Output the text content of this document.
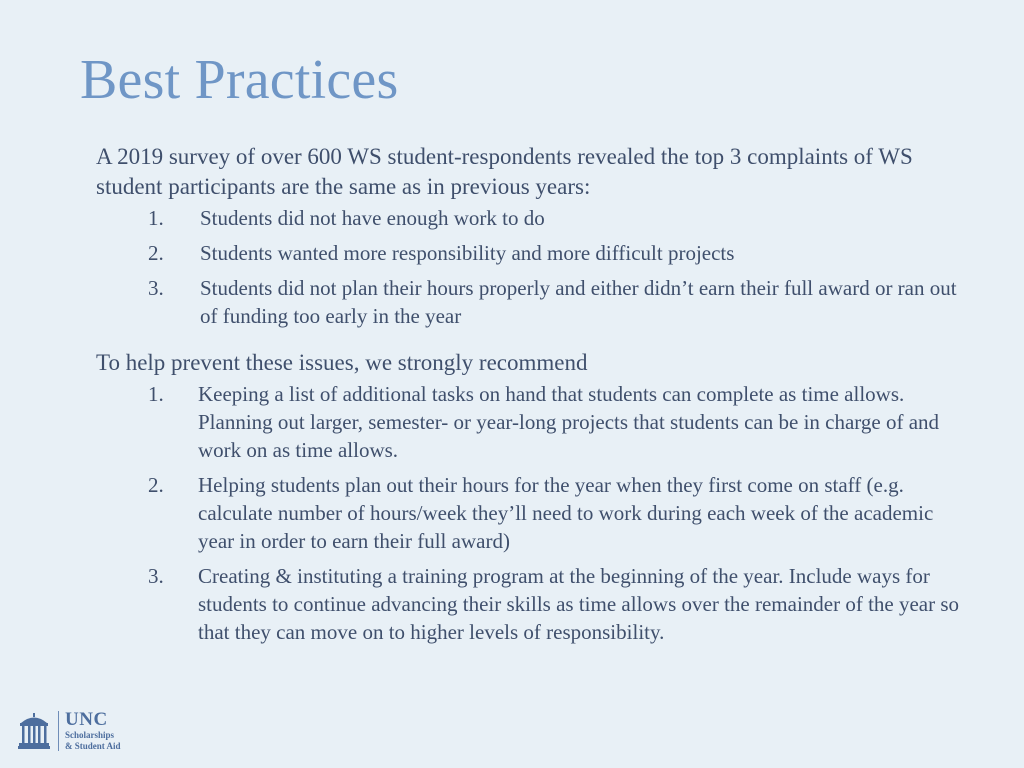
Best Practices

A 2019 survey of over 600 WS student-respondents revealed the top 3 complaints of WS student participants are the same as in previous years:

1.	Students did not have enough work to do
2.	Students wanted more responsibility and more difficult projects
3.	Students did not plan their hours properly and either didn’t earn their full award or ran out of funding too early in the year

To help prevent these issues, we strongly recommend

1.	Keeping a list of additional tasks on hand that students can complete as time allows. Planning out larger, semester- or year-long projects that students can be in charge of and work on as time allows.
2.	Helping students plan out their hours for the year when they first come on staff (e.g. calculate number of hours/week they’ll need to work during each week of the academic year in order to earn their full award)
3.	Creating & instituting a training program at the beginning of the year. Include ways for students to continue advancing their skills as time allows over the remainder of the year so that they can move on to higher levels of responsibility.
UNC
Scholarships
& Student Aid
